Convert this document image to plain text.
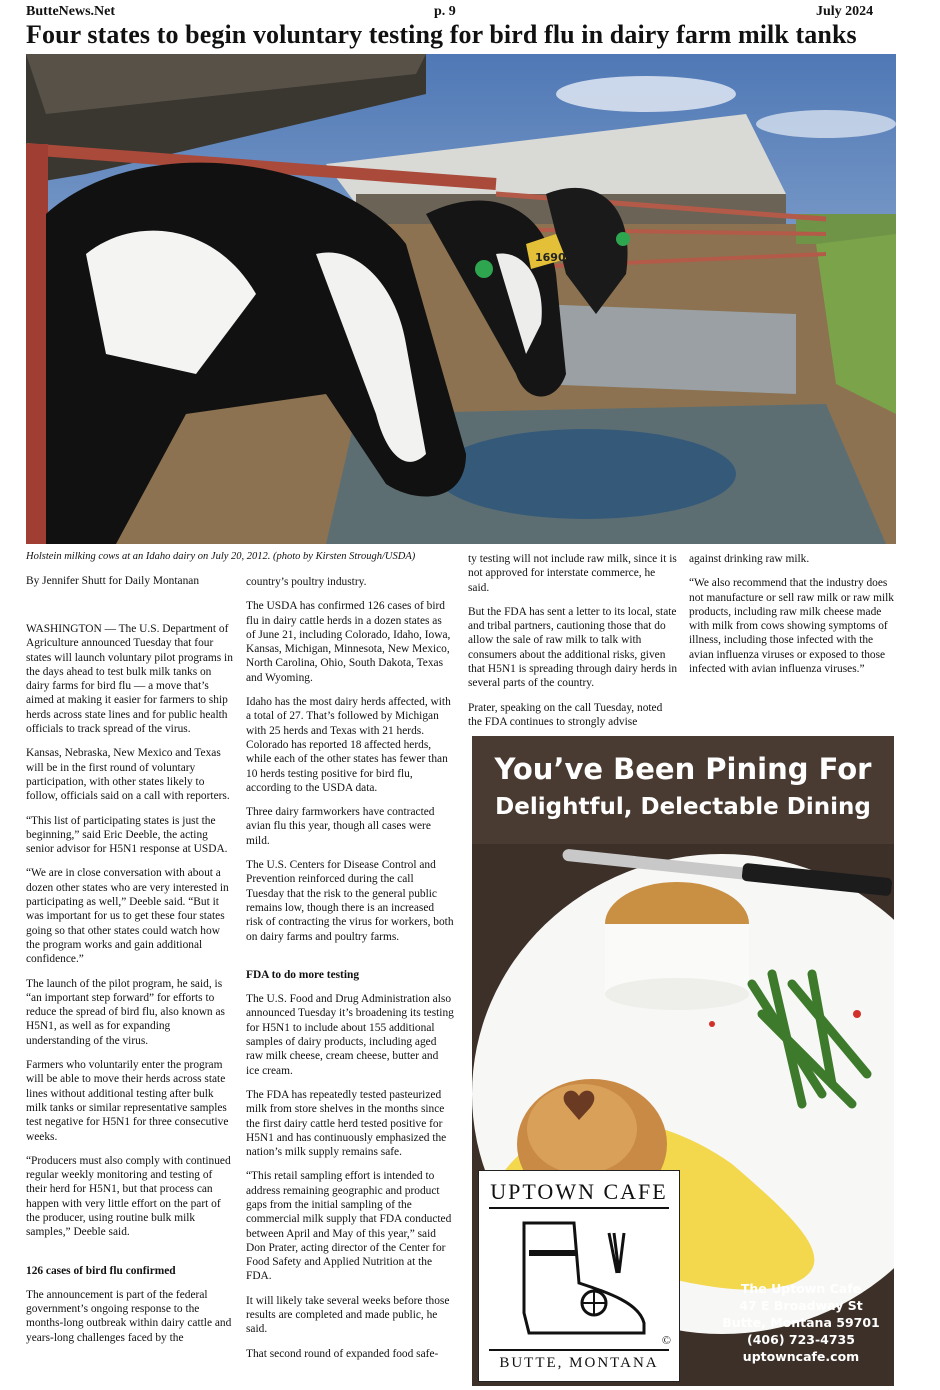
ButteNews.Net	p. 9	July 2024
Four states to begin voluntary testing for bird flu in dairy farm milk tanks
1690
Holstein milking cows at an Idaho dairy on July 20, 2012. (photo by Kirsten Strough/USDA)
By Jennifer Shutt for Daily Montanan

WASHINGTON — The U.S. Department of Agriculture announced Tuesday that four states will launch voluntary pilot programs in the days ahead to test bulk milk tanks on dairy farms for bird flu — a move that’s aimed at making it easier for farmers to ship herds across state lines and for public health officials to track spread of the virus.

Kansas, Nebraska, New Mexico and Texas will be in the first round of voluntary participation, with other states likely to follow, officials said on a call with reporters.

“This list of participating states is just the beginning,” said Eric Deeble, the acting senior advisor for H5N1 response at USDA.

“We are in close conversation with about a dozen other states who are very interested in participating as well,” Deeble said. “But it was important for us to get these four states going so that other states could watch how the program works and gain additional confidence.”

The launch of the pilot program, he said, is “an important step forward” for efforts to reduce the spread of bird flu, also known as H5N1, as well as for expanding understanding of the virus.

Farmers who voluntarily enter the program will be able to move their herds across state lines without additional testing after bulk milk tanks or similar representative samples test negative for H5N1 for three consecutive weeks.

“Producers must also comply with continued regular weekly monitoring and testing of their herd for H5N1, but that process can happen with very little effort on the part of the producer, using routine bulk milk samples,” Deeble said.

126 cases of bird flu confirmed

The announcement is part of the federal government’s ongoing response to the months-long outbreak within dairy cattle and years-long challenges faced by the

country’s poultry industry.

The USDA has confirmed 126 cases of bird flu in dairy cattle herds in a dozen states as of June 21, including Colorado, Idaho, Iowa, Kansas, Michigan, Minnesota, New Mexico, North Carolina, Ohio, South Dakota, Texas and Wyoming.

Idaho has the most dairy herds affected, with a total of 27. That’s followed by Michigan with 25 herds and Texas with 21 herds. Colorado has reported 18 affected herds, while each of the other states has fewer than 10 herds testing positive for bird flu, according to the USDA data.

Three dairy farmworkers have contracted avian flu this year, though all cases were mild.

The U.S. Centers for Disease Control and Prevention reinforced during the call Tuesday that the risk to the general public remains low, though there is an increased risk of contracting the virus for workers, both on dairy farms and poultry farms.

FDA to do more testing

The U.S. Food and Drug Administration also announced Tuesday it’s broadening its testing for H5N1 to include about 155 additional samples of dairy products, including aged raw milk cheese, cream cheese, butter and ice cream.

The FDA has repeatedly tested pasteurized milk from store shelves in the months since the first dairy cattle herd tested positive for H5N1 and has continuously emphasized the nation’s milk supply remains safe.

“This retail sampling effort is intended to address remaining geographic and product gaps from the initial sampling of the commercial milk supply that FDA conducted between April and May of this year,” said Don Prater, acting director of the Center for Food Safety and Applied Nutrition at the FDA.

It will likely take several weeks before those results are completed and made public, he said.

That second round of expanded food safe-

ty testing will not include raw milk, since it is not approved for interstate commerce, he said.

But the FDA has sent a letter to its local, state and tribal partners, cautioning those that do allow the sale of raw milk to talk with consumers about the additional risks, given that H5N1 is spreading through dairy herds in several parts of the country.

Prater, speaking on the call Tuesday, noted the FDA continues to strongly advise

against drinking raw milk.

“We also recommend that the industry does not manufacture or sell raw milk or raw milk products, including raw milk cheese made with milk from cows showing symptoms of illness, including those infected with the avian influenza viruses or exposed to those infected with avian influenza viruses.”

You’ve Been Pining For
Delightful, Delectable Dining
UPTOWN CAFE
©
BUTTE, MONTANA
The Uptown Cafe
47 E Broadway St
Butte, Montana 59701
(406) 723-4735
uptowncafe.com
